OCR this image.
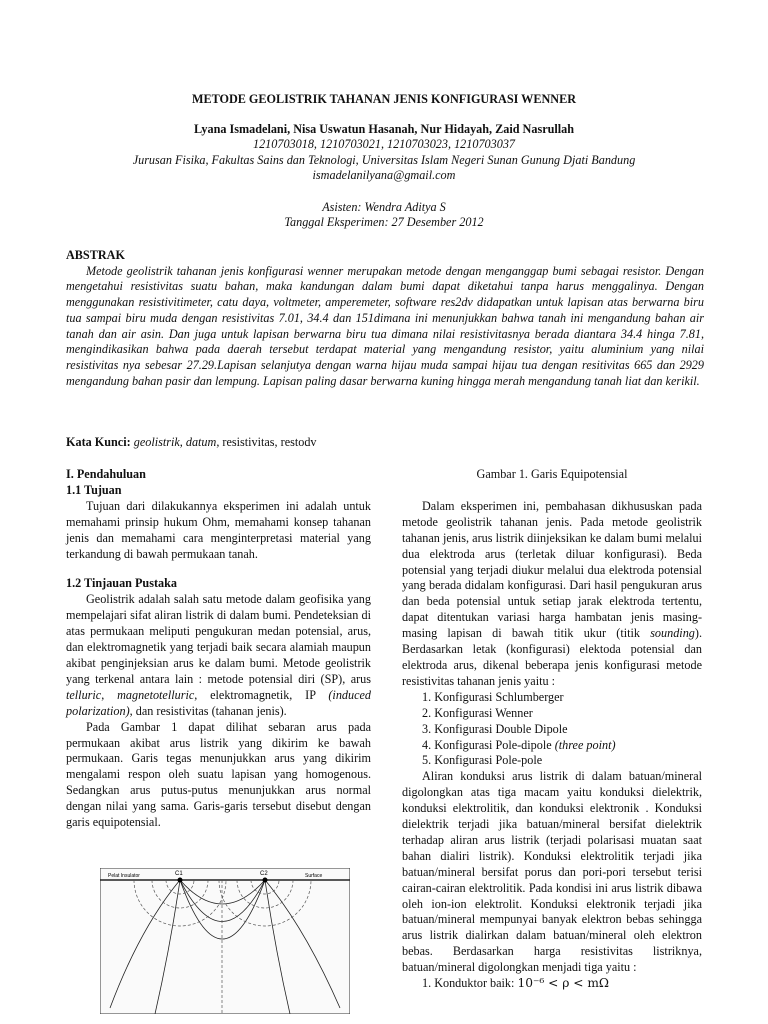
METODE GEOLISTRIK TAHANAN JENIS KONFIGURASI WENNER
Lyana Ismadelani, Nisa Uswatun Hasanah, Nur Hidayah, Zaid Nasrullah
1210703018, 1210703021, 1210703023, 1210703037
Jurusan Fisika, Fakultas Sains dan Teknologi, Universitas Islam Negeri Sunan Gunung Djati Bandung
ismadelanilyana@gmail.com
Asisten: Wendra Aditya S
Tanggal Eksperimen: 27 Desember 2012
ABSTRAK

Metode geolistrik tahanan jenis konfigurasi wenner merupakan metode dengan menganggap bumi sebagai resistor. Dengan mengetahui resistivitas suatu bahan, maka kandungan dalam bumi dapat diketahui tanpa harus menggalinya. Dengan menggunakan resistivitimeter, catu daya, voltmeter, amperemeter, software res2dv didapatkan untuk lapisan atas berwarna biru tua sampai biru muda dengan resistivitas 7.01, 34.4 dan 151dimana ini menunjukkan bahwa tanah ini mengandung bahan air tanah dan air asin. Dan juga untuk lapisan berwarna biru tua dimana nilai resistivitasnya berada diantara 34.4 hinga 7.81, mengindikasikan bahwa pada daerah tersebut terdapat material yang mengandung resistor, yaitu aluminium yang nilai resistivitas nya sebesar 27.29.Lapisan selanjutya dengan warna hijau muda sampai hijau tua dengan resitivitas 665 dan 2929 mengandung bahan pasir dan lempung. Lapisan paling dasar berwarna kuning hingga merah mengandung tanah liat dan kerikil.

Kata Kunci: geolistrik, datum, resistivitas, restodv
I. Pendahuluan
1.1 Tujuan

Tujuan dari dilakukannya eksperimen ini adalah untuk memahami prinsip hukum Ohm, memahami konsep tahanan jenis dan memahami cara menginterpretasi material yang terkandung di bawah permukaan tanah.

1.2 Tinjauan Pustaka

Geolistrik adalah salah satu metode dalam geofisika yang mempelajari sifat aliran listrik di dalam bumi. Pendeteksian di atas permukaan meliputi pengukuran medan potensial, arus, dan elektromagnetik yang terjadi baik secara alamiah maupun akibat penginjeksian arus ke dalam bumi. Metode geolistrik yang terkenal antara lain : metode potensial diri (SP), arus telluric, magnetotelluric, elektromagnetik, IP (induced polarization), dan resistivitas (tahanan jenis).

Pada Gambar 1 dapat dilihat sebaran arus pada permukaan akibat arus listrik yang dikirim ke bawah permukaan. Garis tegas menunjukkan arus yang dikirim mengalami respon oleh suatu lapisan yang homogenous. Sedangkan arus putus-putus menunjukkan arus normal dengan nilai yang sama. Garis-garis tersebut disebut dengan garis equipotensial.

Pelat Insulator	Surface
C1	C2
Gambar 1. Garis Equipotensial

Dalam eksperimen ini, pembahasan dikhususkan pada metode geolistrik tahanan jenis. Pada metode geolistrik tahanan jenis, arus listrik diinjeksikan ke dalam bumi melalui dua elektroda arus (terletak diluar konfigurasi). Beda potensial yang terjadi diukur melalui dua elektroda potensial yang berada didalam konfigurasi. Dari hasil pengukuran arus dan beda potensial untuk setiap jarak elektroda tertentu, dapat ditentukan variasi harga hambatan jenis masing-masing lapisan di bawah titik ukur (titik sounding). Berdasarkan letak (konfigurasi) elektoda potensial dan elektroda arus, dikenal beberapa jenis konfigurasi metode resistivitas tahanan jenis yaitu :

1. Konfigurasi Schlumberger
2. Konfigurasi Wenner
3. Konfigurasi Double Dipole
4. Konfigurasi Pole-dipole (three point)
5. Konfigurasi Pole-pole

Aliran konduksi arus listrik di dalam batuan/mineral digolongkan atas tiga macam yaitu konduksi dielektrik, konduksi elektrolitik, dan konduksi elektronik . Konduksi dielektrik terjadi jika batuan/mineral bersifat dielektrik terhadap aliran arus listrik (terjadi polarisasi muatan saat bahan dialiri listrik). Konduksi elektrolitik terjadi jika batuan/mineral bersifat porus dan pori-pori tersebut terisi cairan-cairan elektrolitik. Pada kondisi ini arus listrik dibawa oleh ion-ion elektrolit. Konduksi elektronik terjadi jika batuan/mineral mempunyai banyak elektron bebas sehingga arus listrik dialirkan dalam batuan/mineral oleh elektron bebas. Berdasarkan harga resistivitas listriknya, batuan/mineral digolongkan menjadi tiga yaitu :

1. Konduktor baik: 10⁻⁶ < ρ < mΩ
